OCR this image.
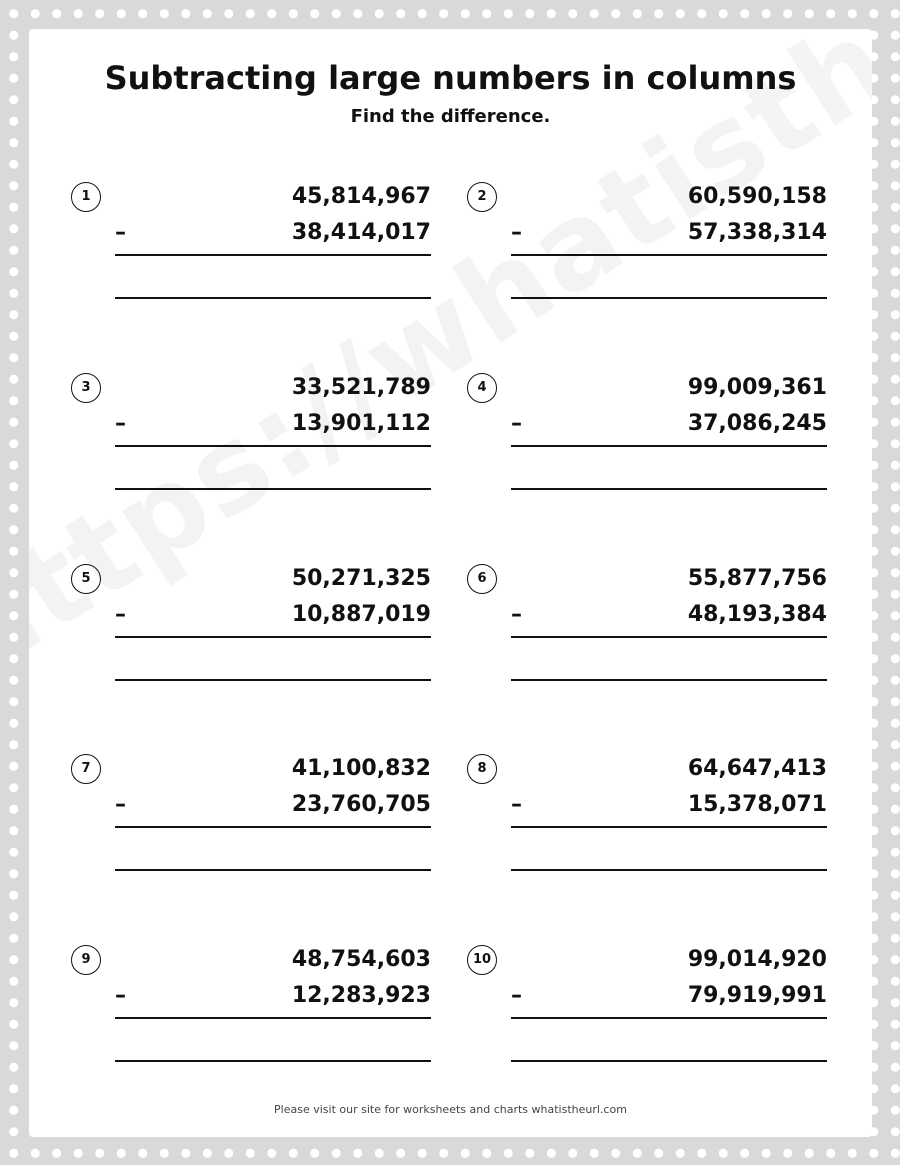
Subtracting large numbers in columns
Find the difference.
1	45,814,967
–	38,414,017
2	60,590,158
–	57,338,314
3	33,521,789
–	13,901,112
4	99,009,361
–	37,086,245
5	50,271,325
–	10,887,019
6	55,877,756
–	48,193,384
7	41,100,832
–	23,760,705
8	64,647,413
–	15,378,071
9	48,754,603
–	12,283,923
10	99,014,920
–	79,919,991
Please visit our site for worksheets and charts whatistheurl.com
